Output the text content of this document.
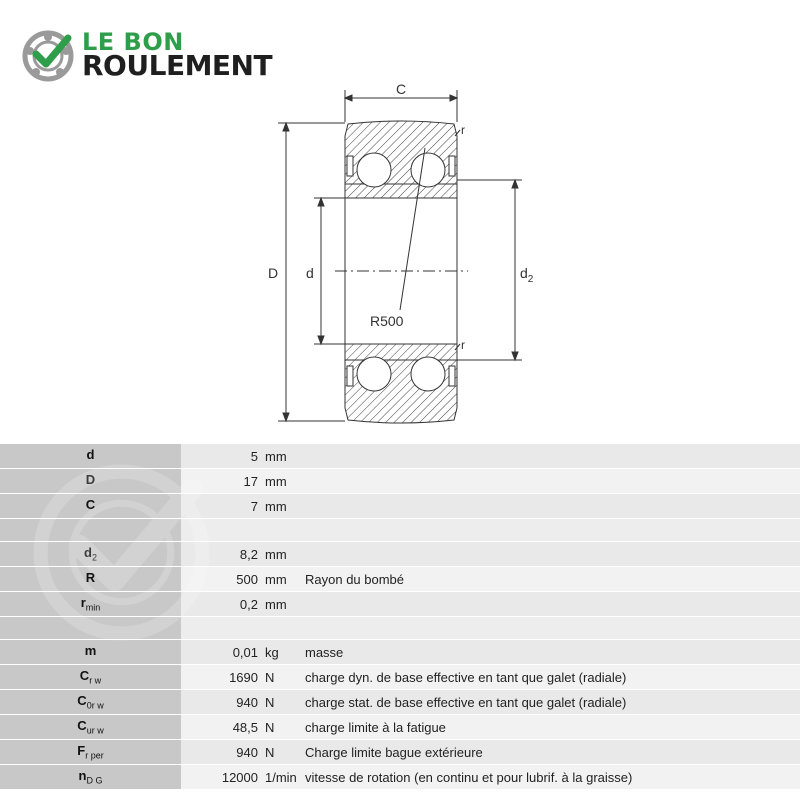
LE BON
ROULEMENT
C
D d	$d_2$
r
r
R500
d	5	mm	
D	17	mm	
C	7	mm	

$d_2$	8,2	mm	
R	500	mm	Rayon du bombé
$r_{min}$	0,2	mm	

m	0,01	kg	masse
$C_{r w}$	1690	N	charge dyn. de base effective en tant que galet (radiale)
$C_{0r w}$	940	N	charge stat. de base effective en tant que galet (radiale)
$C_{ur w}$	48,5	N	charge limite à la fatigue
$F_{r per}$	940	N	Charge limite bague extérieure
$n_{D G}$	12000	1/min	vitesse de rotation (en continu et pour lubrif. à la graisse)
